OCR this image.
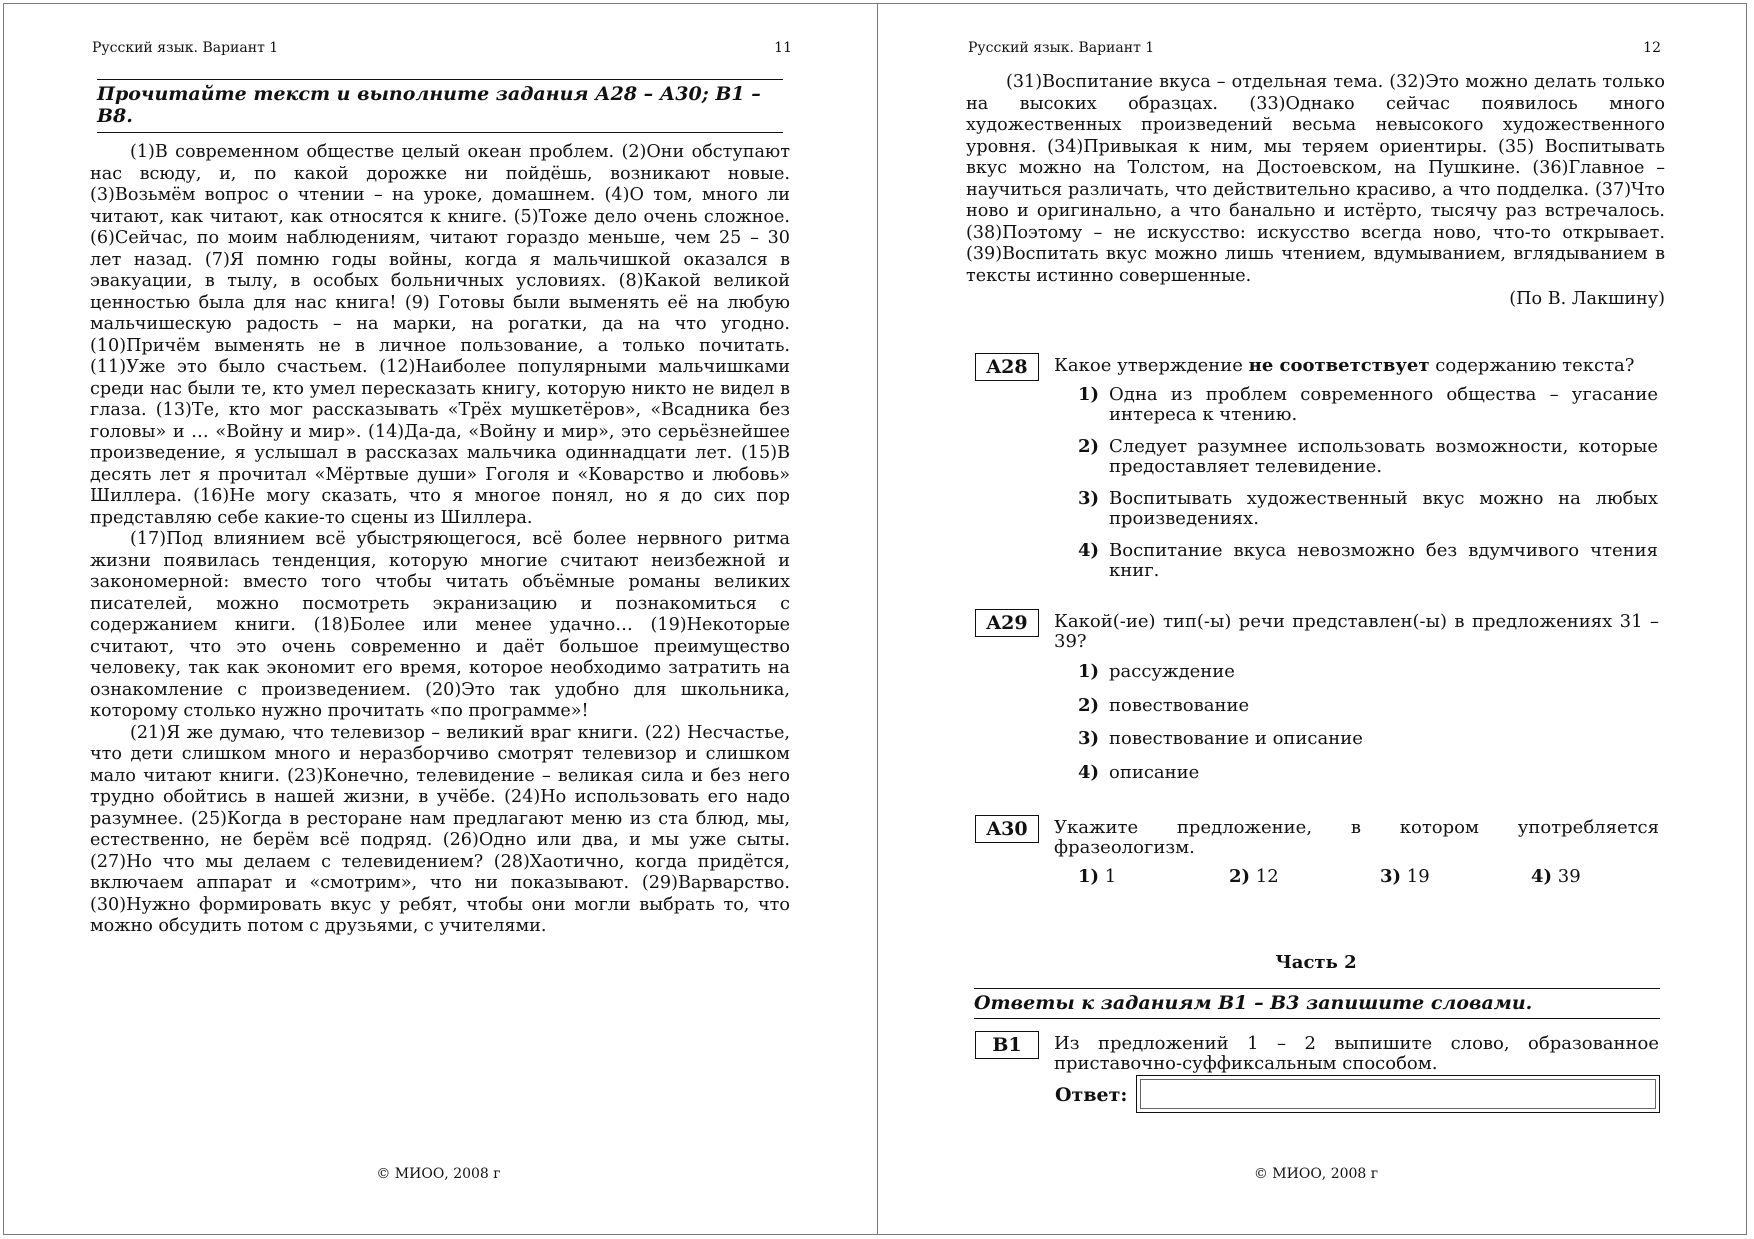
Русский язык. Вариант 1	11
Прочитайте текст и выполните задания А28 – А30; В1 – В8.

(1)В современном обществе целый океан проблем. (2)Они обступают нас всюду, и, по какой дорожке ни пойдёшь, возникают новые. (3)Возьмём вопрос о чтении – на уроке, домашнем. (4)О том, много ли читают, как читают, как относятся к книге. (5)Тоже дело очень сложное. (6)Сейчас, по моим наблюдениям, читают гораздо меньше, чем 25 – 30 лет назад. (7)Я помню годы войны, когда я мальчишкой оказался в эвакуации, в тылу, в особых больничных условиях. (8)Какой великой ценностью была для нас книга! (9) Готовы были выменять её на любую мальчишескую радость – на марки, на рогатки, да на что угодно. (10)Причём выменять не в личное пользование, а только почитать. (11)Уже это было счастьем. (12)Наиболее популярными мальчишками среди нас были те, кто умел пересказать книгу, которую никто не видел в глаза. (13)Те, кто мог рассказывать «Трёх мушкетёров», «Всадника без головы» и … «Войну и мир». (14)Да-да, «Войну и мир», это серьёзнейшее произведение, я услышал в рассказах мальчика одиннадцати лет. (15)В десять лет я прочитал «Мёртвые души» Гоголя и «Коварство и любовь» Шиллера. (16)Не могу сказать, что я многое понял, но я до сих пор представляю себе какие-то сцены из Шиллера.

(17)Под влиянием всё убыстряющегося, всё более нервного ритма жизни появилась тенденция, которую многие считают неизбежной и закономерной: вместо того чтобы читать объёмные романы великих писателей, можно посмотреть экранизацию и познакомиться с содержанием книги. (18)Более или менее удачно… (19)Некоторые считают, что это очень современно и даёт большое преимущество человеку, так как экономит его время, которое необходимо затратить на ознакомление с произведением. (20)Это так удобно для школьника, которому столько нужно прочитать «по программе»!

(21)Я же думаю, что телевизор – великий враг книги. (22) Несчастье, что дети слишком много и неразборчиво смотрят телевизор и слишком мало читают книги. (23)Конечно, телевидение – великая сила и без него трудно обойтись в нашей жизни, в учёбе. (24)Но использовать его надо разумнее. (25)Когда в ресторане нам предлагают меню из ста блюд, мы, естественно, не берём всё подряд. (26)Одно или два, и мы уже сыты. (27)Но что мы делаем с телевидением? (28)Хаотично, когда придётся, включаем аппарат и «смотрим», что ни показывают. (29)Варварство. (30)Нужно формировать вкус у ребят, чтобы они могли выбрать то, что можно обсудить потом с друзьями, с учителями.

© МИОО, 2008 г
Русский язык. Вариант 1	12

(31)Воспитание вкуса – отдельная тема. (32)Это можно делать только на высоких образцах. (33)Однако сейчас появилось много художественных произведений весьма невысокого художественного уровня. (34)Привыкая к ним, мы теряем ориентиры. (35) Воспитывать вкус можно на Толстом, на Достоевском, на Пушкине. (36)Главное – научиться различать, что действительно красиво, а что подделка. (37)Что ново и оригинально, а что банально и истёрто, тысячу раз встречалось. (38)Поэтому – не искусство: искусство всегда ново, что-то открывает. (39)Воспитать вкус можно лишь чтением, вдумыванием, вглядыванием в тексты истинно совершенные.

(По В. Лакшину)
A28	Какое утверждение не соответствует содержанию текста?
1) Одна из проблем современного общества – угасание интереса к чтению.
2) Следует разумнее использовать возможности, которые предоставляет телевидение.
3) Воспитывать художественный вкус можно на любых произведениях.
4) Воспитание вкуса невозможно без вдумчивого чтения книг.
A29	Какой(-ие) тип(-ы) речи представлен(-ы) в предложениях 31 – 39?
1) рассуждение
2) повествование
3) повествование и описание
4) описание
A30	Укажите предложение, в котором употребляется фразеологизм.
1) 1	2) 12	3) 19	4) 39
Часть 2
Ответы к заданиям В1 – В3 запишите словами.
B1	Из предложений 1 – 2 выпишите слово, образованное приставочно-суффиксальным способом.
Ответ:
© МИОО, 2008 г
